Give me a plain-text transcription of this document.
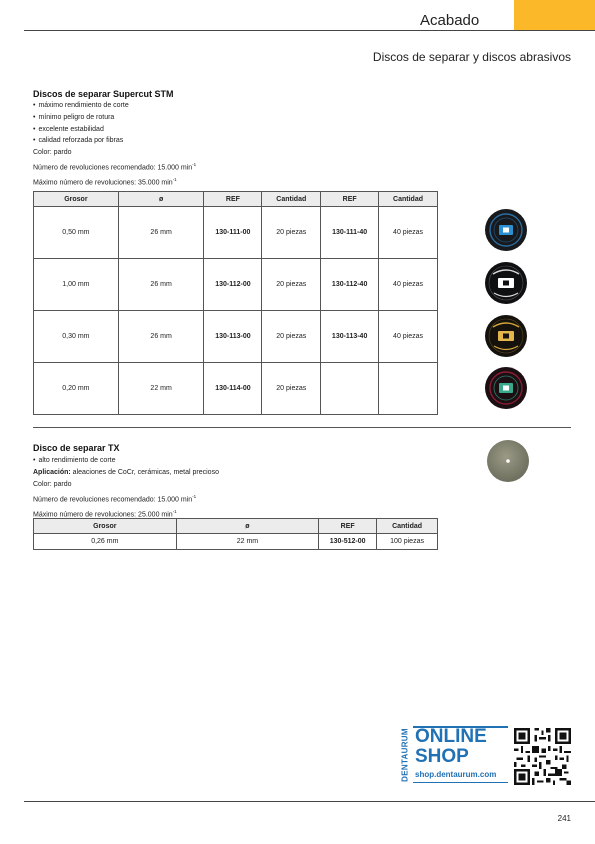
Acabado
Discos de separar y discos abrasivos
Discos de separar Supercut STM
• máximo rendimiento de corte
• mínimo peligro de rotura
• excelente estabilidad
• calidad reforzada por fibras
Color: pardo
Número de revoluciones recomendado: 15.000 $\min^{-1}$
Máximo número de revoluciones: 35.000 $\min^{-1}$
Grosor	ø	REF	Cantidad	REF	Cantidad
0,50 mm	26 mm	130-111-00	20 piezas	130-111-40	40 piezas
1,00 mm	26 mm	130-112-00	20 piezas	130-112-40	40 piezas
0,30 mm	26 mm	130-113-00	20 piezas	130-113-40	40 piezas
0,20 mm	22 mm	130-114-00	20 piezas		
Disco de separar TX
• alto rendimiento de corte
Aplicación: aleaciones de CoCr, cerámicas, metal precioso
Color: pardo
Número de revoluciones recomendado: 15.000 $\min^{-1}$
Máximo número de revoluciones: 25.000 $\min^{-1}$
Grosor	ø	REF	Cantidad
0,26 mm	22 mm	130-512-00	100 piezas
DENTAURUM ONLINE
SHOP
shop.dentaurum.com
241
